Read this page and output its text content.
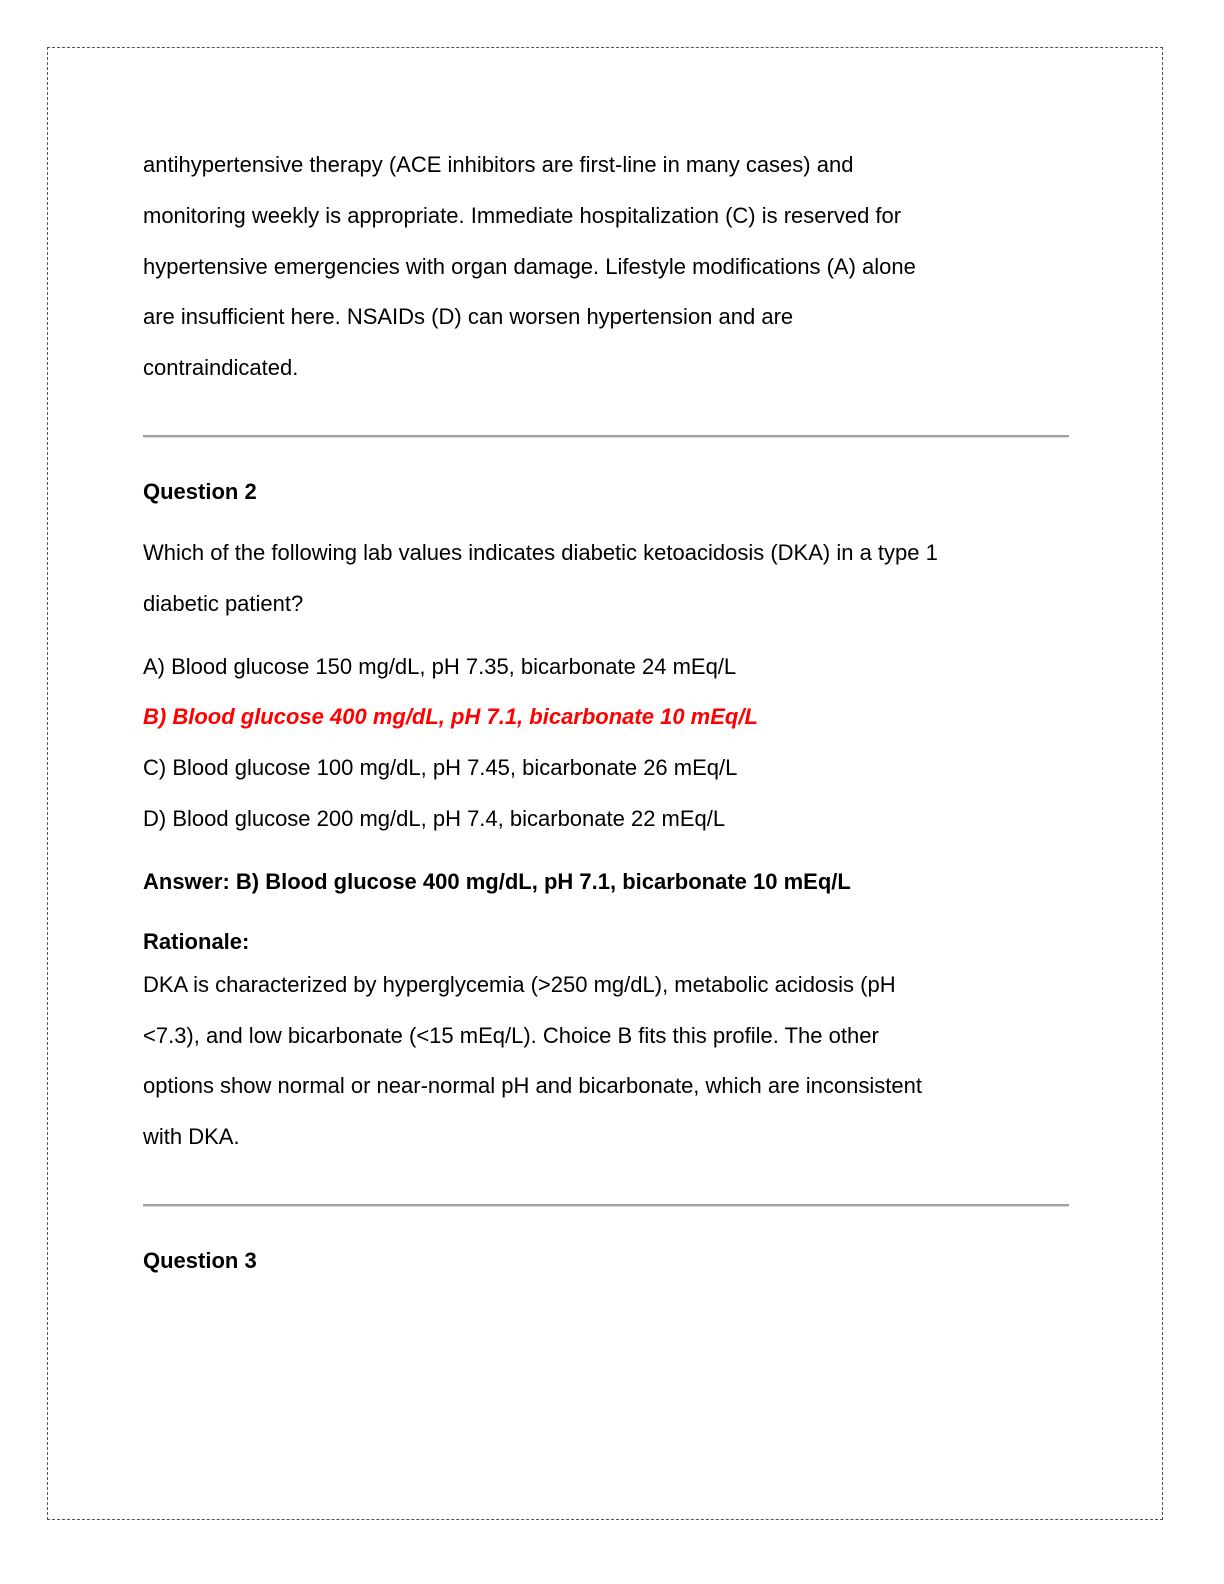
antihypertensive therapy (ACE inhibitors are first-line in many cases) and

monitoring weekly is appropriate. Immediate hospitalization (C) is reserved for

hypertensive emergencies with organ damage. Lifestyle modifications (A) alone

are insufficient here. NSAIDs (D) can worsen hypertension and are

contraindicated.

Question 2

Which of the following lab values indicates diabetic ketoacidosis (DKA) in a type 1

diabetic patient?

A) Blood glucose 150 mg/dL, pH 7.35, bicarbonate 24 mEq/L

B) Blood glucose 400 mg/dL, pH 7.1, bicarbonate 10 mEq/L

C) Blood glucose 100 mg/dL, pH 7.45, bicarbonate 26 mEq/L

D) Blood glucose 200 mg/dL, pH 7.4, bicarbonate 22 mEq/L

Answer: B) Blood glucose 400 mg/dL, pH 7.1, bicarbonate 10 mEq/L

Rationale:

DKA is characterized by hyperglycemia (>250 mg/dL), metabolic acidosis (pH

<7.3), and low bicarbonate (<15 mEq/L). Choice B fits this profile. The other

options show normal or near-normal pH and bicarbonate, which are inconsistent

with DKA.

Question 3
